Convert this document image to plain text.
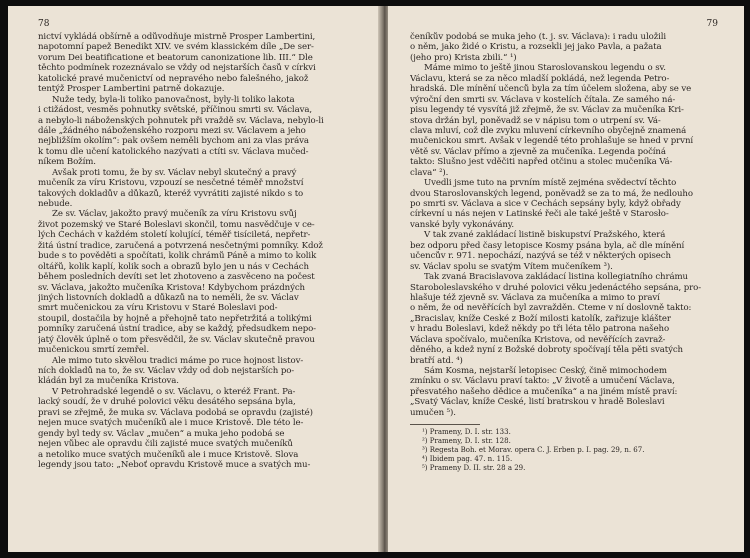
78
nictví vykládá obšírně a odůvodňuje mistrně Prosper Lambertini,
napotomní papež Benedikt XIV. ve svém klassickém díle „De ser-
vorum Dei beatificatione et beatorum canonizatione lib. III.“ Dle
těchto podmínek rozeznávalo se vždy od nejstarších časů v církvi
katolické pravé mučenictví od nepravého nebo falešného, jakož
tentýž Prosper Lambertini patrně dokazuje.
Nuže tedy, byla-li toliko panovačnost, byly-li toliko lakota
i ctižádost, vesměs pohnutky světské, příčinou smrti sv. Václava,
a nebylo-li náboženských pohnutek při vraždě sv. Václava, nebylo-li
dále „žádného náboženského rozporu mezi sv. Václavem a jeho
nejbližším okolím“: pak ovšem neměli bychom ani za vlas práva
k tomu dle učení katolického nazývati a ctíti sv. Václava mučed-
níkem Božím.
Avšak proti tomu, že by sv. Václav nebyl skutečný a pravý
mučeník za víru Kristovu, vzpouzí se nesčetné téměř množství
takových dokladův a důkazů, kteréž vyvrátiti zajisté nikdo s to
nebude.
Že sv. Václav, jakožto pravý mučeník za víru Kristovu svůj
život pozemský ve Staré Boleslavi skončil, tomu nasvědčuje v ce-
lých Čechách v každém století kolující, téměř tisíciletá, nepřetr-
žitá ústní tradice, zaručená a potvrzená nesčetnými pomníky. Kdož
bude s to pověděti a spočítati, kolik chrámů Páně a mimo to kolik
oltářů, kolik kaplí, kolik soch a obrazů bylo jen u nás v Čechách
během posledních devíti set let zhotoveno a zasvěceno na počest
sv. Václava, jakožto mučeníka Kristova! Kdybychom prázdných
jiných listovních dokladů a důkazů na to neměli, že sv. Václav
smrt mučenickou za víru Kristovu v Staré Boleslavi pod-
stoupil, dostačila by hojně a přehojně tato nepřetržitá a tolikými
pomníky zaručená ústní tradice, aby se každý, předsudkem nepo-
jatý člověk úplně o tom přesvědčil, že sv. Václav skutečně pravou
mučenickou smrtí zemřel.
Ale mimo tuto skvělou tradici máme po ruce hojnost listov-
ních dokladů na to, že sv. Václav vždy od dob nejstarších po-
kládán byl za mučeníka Kristova.
V Petrohradské legendě o sv. Václavu, o kteréž Frant. Pa-
lacký soudí, že v druhé polovici věku desátého sepsána byla,
pravi se zřejmě, že muka sv. Václava podobá se opravdu (zajisté)
nejen muce svatých mučeníků ale i muce Kristově. Dle této le-
gendy byl tedy sv. Václav „mučen“ a muka jeho podobá se
nejen vůbec ale opravdu čili zajisté muce svatých mučeníků
a netoliko muce svatých mučeníků ale i muce Kristově. Slova
legendy jsou tato: „Neboť opravdu Kristově muce a svatých mu-
79
čeníkův podobá se muka jeho (t. j. sv. Václava): i radu uložili
o něm, jako židé o Kristu, a rozsekli jej jako Pavla, a pažata
(jeho pro) Krista zbili.“ ¹)
Máme mimo to ještě jinou Staroslovanskou legendu o sv.
Václavu, která se za něco mladší pokládá, než legenda Petro-
hradská. Dle mínění učenců byla za tím účelem složena, aby se ve
výroční den smrti sv. Václava v kostelích čítala. Ze samého ná-
pisu legendy té vysvítá již zřejmě, že sv. Václav za mučeníka Kri-
stova držán byl, poněvadž se v nápisu tom o utrpení sv. Vá-
clava mluví, což dle zvyku mluvení církevního obyčejně znamená
mučenickou smrt. Avšak v legendě této prohlašuje se hned v první
větě sv. Václav přímo a zjevně za mučeníka. Legenda počíná
takto: Slušno jest vděčiti napřed otčinu a stolec mučeníka Vá-
clava“ ²).
Uvedli jsme tuto na prvním místě zejména svědectví těchto
dvou Staroslovanských legend, poněvadž se za to má, že nedlouho
po smrti sv. Václava a sice v Čechách sepsány byly, když obřady
církevní u nás nejen v Latinské řeči ale také ještě v Starosło-
vanské byly vykonávány.
V tak zvané zakládací listině biskupství Pražského, která
bez odporu před časy letopisce Kosmy psána byla, ač dle mínění
učencův r. 971. nepochází, nazývá se též v některých opisech
sv. Václav spolu se svatým Vítem mučeníkem ³).
Tak zvaná Bracislavova zakládací listina kollegiatního chrámu
Staroboleslavského v druhé polovici věku jedenáctého sepsána, pro-
hlašuje též zjevně sv. Václava za mučeníka a mimo to praví
o něm, že od nevěřících byl zavražděn. Čteme v ní doslovně takto:
„Bracislav, kníže České z Boží milosti katolík, zařizuje klášter
v hradu Boleslavi, kdež někdy po tři léta tělo patrona našeho
Václava spočívalo, mučeníka Kristova, od nevěřících zavraž-
děného, a kdež nyní z Božské dobroty spočívají těla pěti svatých
bratří atd. ⁴)
Sám Kosma, nejstarší letopisec Český, čině mimochodem
zmínku o sv. Václavu praví takto: „V životě a umučení Václava,
přesvatého našeho dědice a mučeníka“ a na jiném místě praví:
„Svatý Václav, kníže České, listí bratrskou v hradě Boleslavi
umučen ⁵).
¹) Prameny, D. I. str. 133.
²) Prameny, D. I. str. 128.
³) Regesta Boh. et Morav. opera C. J. Erben p. I. pag. 29, n. 67.
⁴) Ibidem pag. 47. n. 115.
⁵) Prameny D. II. str. 28 a 29.
